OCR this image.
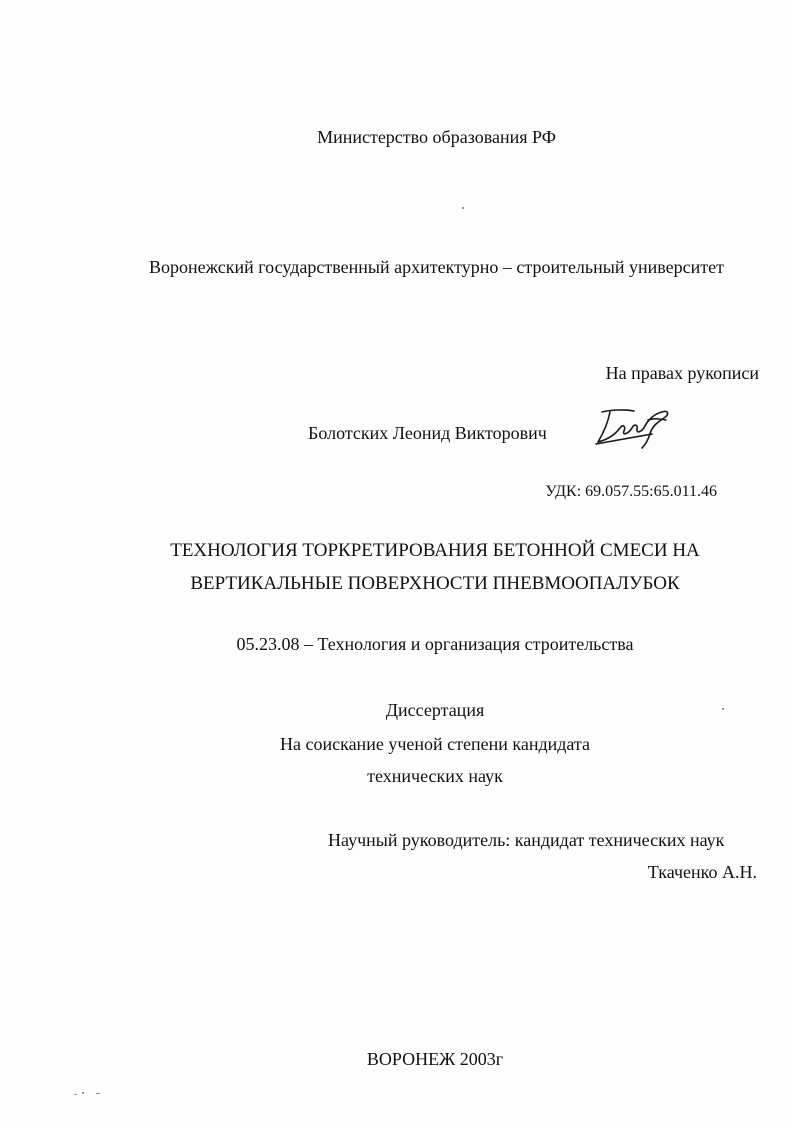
Министерство образования РФ
Воронежский государственный архитектурно – строительный университет
На правах рукописи
Болотских Леонид Викторович
УДК: 69.057.55:65.011.46
ТЕХНОЛОГИЯ ТОРКРЕТИРОВАНИЯ БЕТОННОЙ СМЕСИ НА
ВЕРТИКАЛЬНЫЕ ПОВЕРХНОСТИ ПНЕВМООПАЛУБОК
05.23.08 – Технология и организация строительства
Диссертация
На соискание ученой степени кандидата
технических наук
Научный руководитель: кандидат технических наук
Ткаченко А.Н.
ВОРОНЕЖ 2003г
